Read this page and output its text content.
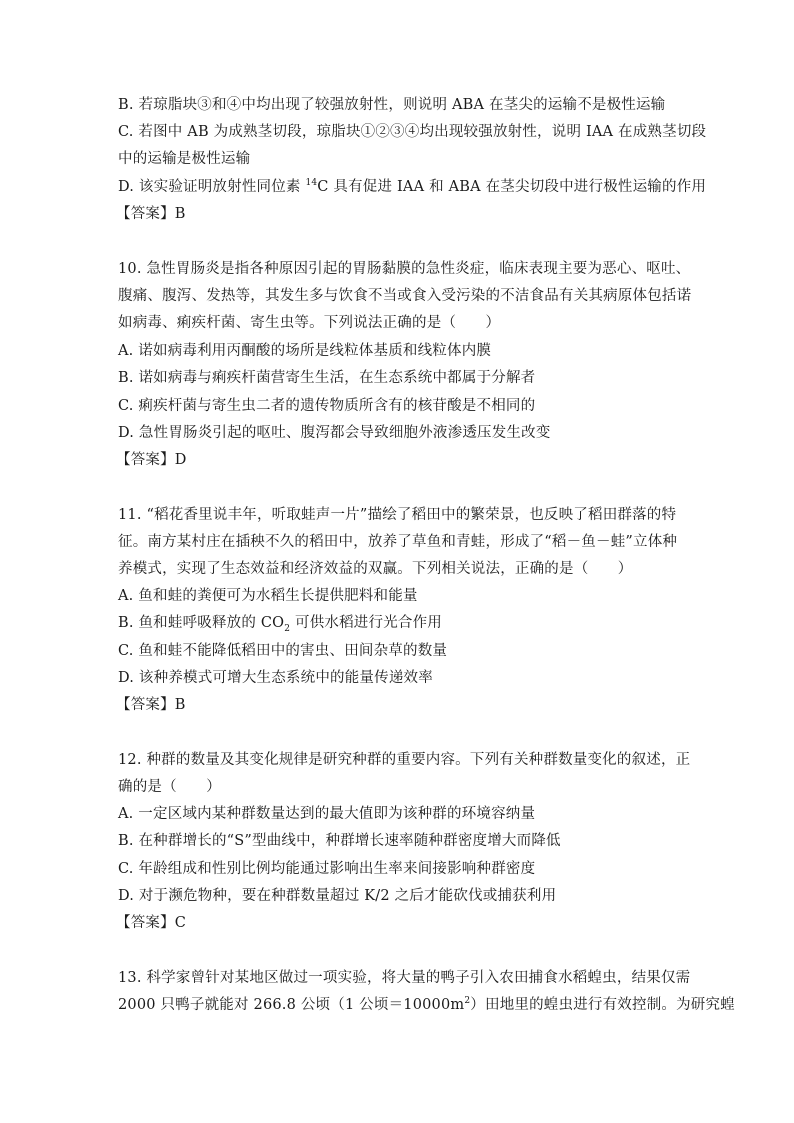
B. 若琼脂块③和④中均出现了较强放射性，则说明 ABA 在茎尖的运输不是极性运输
C. 若图中 AB 为成熟茎切段，琼脂块①②③④均出现较强放射性，说明 IAA 在成熟茎切段
中的运输是极性运输
D. 该实验证明放射性同位素 $^{14}$C 具有促进 IAA 和 ABA 在茎尖切段中进行极性运输的作用
【答案】B
10. 急性胃肠炎是指各种原因引起的胃肠黏膜的急性炎症，临床表现主要为恶心、呕吐、
腹痛、腹泻、发热等，其发生多与饮食不当或食入受污染的不洁食品有关其病原体包括诺
如病毒、痢疾杆菌、寄生虫等。下列说法正确的是（　　）
A. 诺如病毒利用丙酮酸的场所是线粒体基质和线粒体内膜
B. 诺如病毒与痢疾杆菌营寄生生活，在生态系统中都属于分解者
C. 痢疾杆菌与寄生虫二者的遗传物质所含有的核苷酸是不相同的
D. 急性胃肠炎引起的呕吐、腹泻都会导致细胞外液渗透压发生改变
【答案】D
11. “稻花香里说丰年，听取蛙声一片”描绘了稻田中的繁荣景，也反映了稻田群落的特
征。南方某村庄在插秧不久的稻田中，放养了草鱼和青蛙，形成了“稻－鱼－蛙”立体种
养模式，实现了生态效益和经济效益的双赢。下列相关说法，正确的是（　　）
A. 鱼和蛙的粪便可为水稻生长提供肥料和能量
B. 鱼和蛙呼吸释放的 $CO_2$ 可供水稻进行光合作用
C. 鱼和蛙不能降低稻田中的害虫、田间杂草的数量
D. 该种养模式可增大生态系统中的能量传递效率
【答案】B
12. 种群的数量及其变化规律是研究种群的重要内容。下列有关种群数量变化的叙述，正
确的是（　　）
A. 一定区域内某种群数量达到的最大值即为该种群的环境容纳量
B. 在种群增长的“S”型曲线中，种群增长速率随种群密度增大而降低
C. 年龄组成和性别比例均能通过影响出生率来间接影响种群密度
D. 对于濒危物种，要在种群数量超过 K/2 之后才能砍伐或捕获利用
【答案】C
13. 科学家曾针对某地区做过一项实验，将大量的鸭子引入农田捕食水稻蝗虫，结果仅需
2000 只鸭子就能对 266.8 公顷（1 公顷$=10000m^2$）田地里的蝗虫进行有效控制。为研究蝗
